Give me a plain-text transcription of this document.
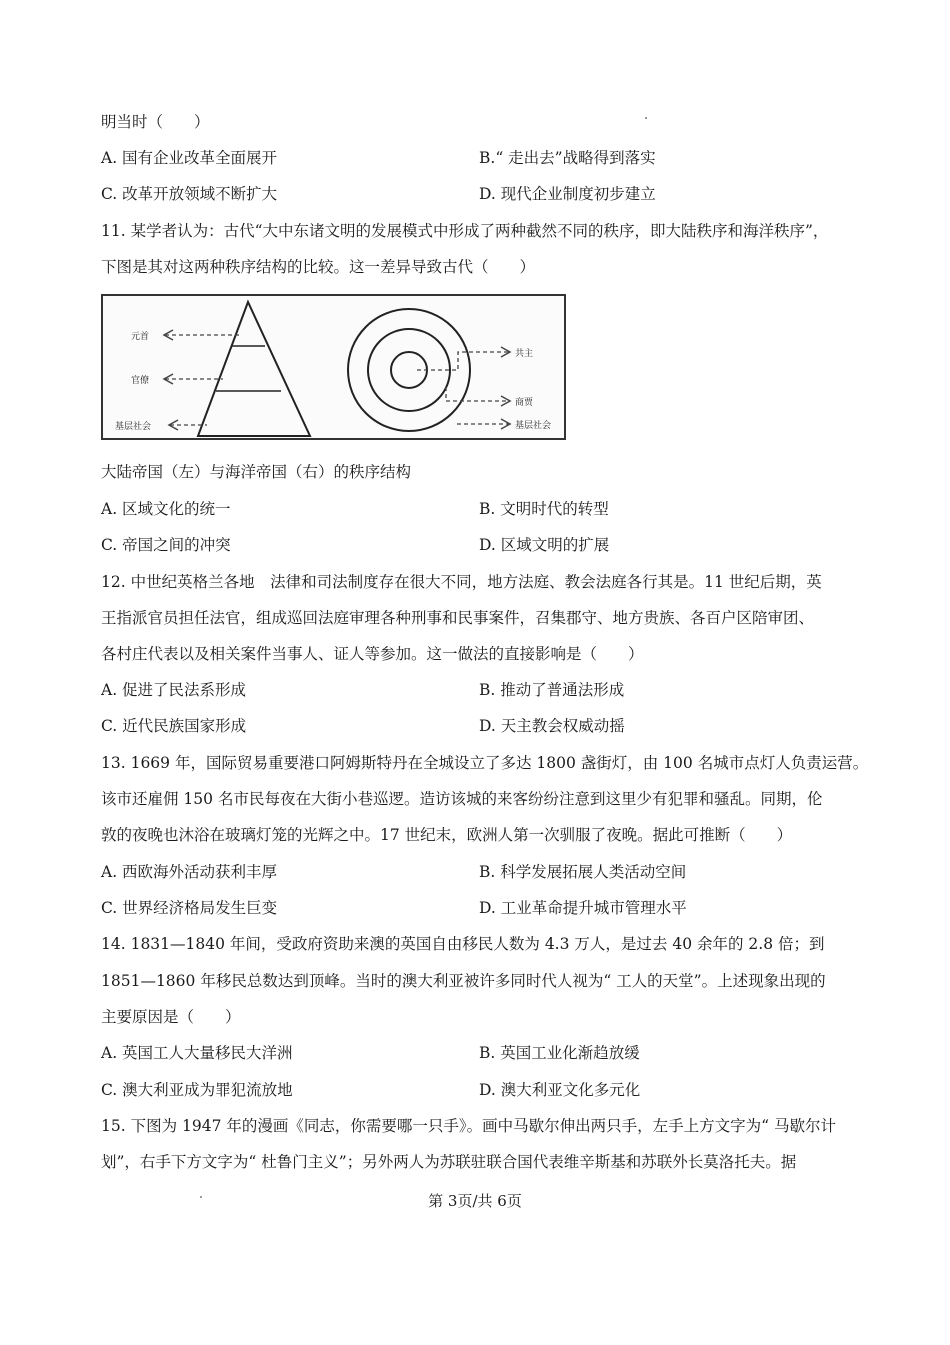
明当时（　　）
A. 国有企业改革全面展开	B.“ 走出去”战略得到落实
C. 改革开放领域不断扩大	D. 现代企业制度初步建立
11. 某学者认为：古代“大中东诸文明的发展模式中形成了两种截然不同的秩序，即大陆秩序和海洋秩序”，
下图是其对这两种秩序结构的比较。这一差异导致古代（　　）
元首
官僚
基层社会
共主
商贾
基层社会
大陆帝国（左）与海洋帝国（右）的秩序结构
A. 区域文化的统一	B. 文明时代的转型
C. 帝国之间的冲突	D. 区域文明的扩展
12. 中世纪英格兰各地　法律和司法制度存在很大不同，地方法庭、教会法庭各行其是。11 世纪后期，英
王指派官员担任法官，组成巡回法庭审理各种刑事和民事案件，召集郡守、地方贵族、各百户区陪审团、
各村庄代表以及相关案件当事人、证人等参加。这一做法的直接影响是（　　）
A. 促进了民法系形成	B. 推动了普通法形成
C. 近代民族国家形成	D. 天主教会权威动摇
13. 1669 年，国际贸易重要港口阿姆斯特丹在全城设立了多达 1800 盏街灯，由 100 名城市点灯人负责运营。
该市还雇佣 150 名市民每夜在大街小巷巡逻。造访该城的来客纷纷注意到这里少有犯罪和骚乱。同期，伦
敦的夜晚也沐浴在玻璃灯笼的光辉之中。17 世纪末，欧洲人第一次驯服了夜晚。据此可推断（　　）
A. 西欧海外活动获利丰厚	B. 科学发展拓展人类活动空间
C. 世界经济格局发生巨变	D. 工业革命提升城市管理水平
14. 1831—1840 年间，受政府资助来澳的英国自由移民人数为 4.3 万人，是过去 40 余年的 2.8 倍；到
1851—1860 年移民总数达到顶峰。当时的澳大利亚被许多同时代人视为“ 工人的天堂”。上述现象出现的
主要原因是（　　）
A. 英国工人大量移民大洋洲	B. 英国工业化渐趋放缓
C. 澳大利亚成为罪犯流放地	D. 澳大利亚文化多元化
15. 下图为 1947 年的漫画《同志，你需要哪一只手》。画中马歇尔伸出两只手，左手上方文字为“ 马歇尔计
划”，右手下方文字为“ 杜鲁门主义”；另外两人为苏联驻联合国代表维辛斯基和苏联外长莫洛托夫。据
第 3页/共 6页
